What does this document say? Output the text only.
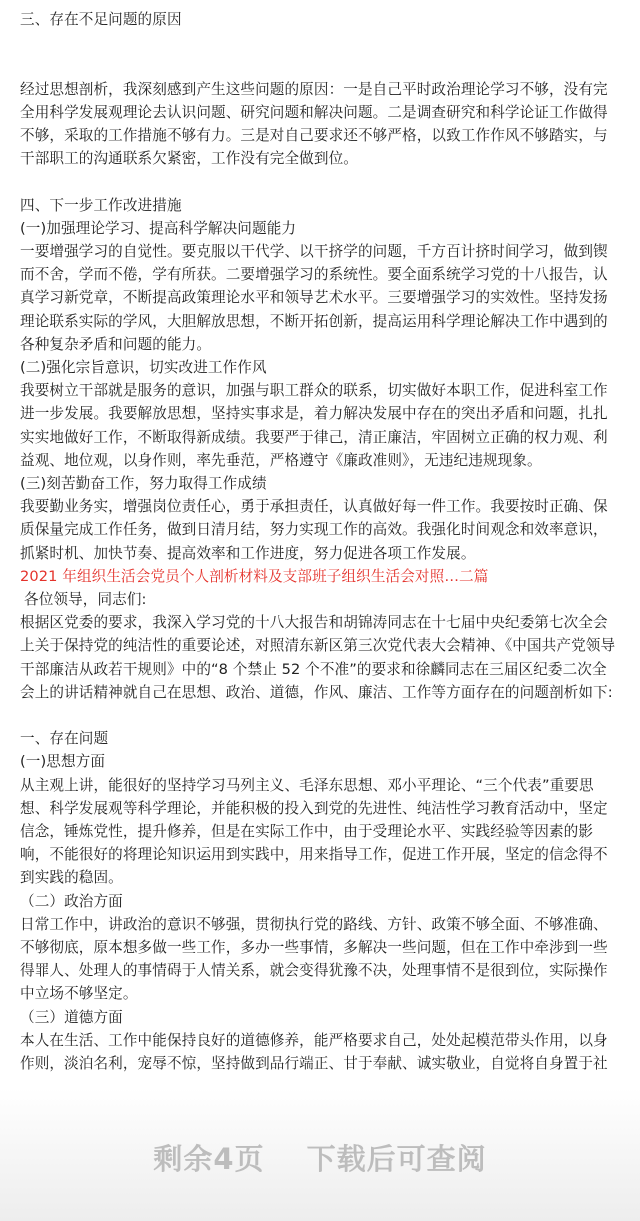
三、存在不足问题的原因

经过思想剖析，我深刻感到产生这些问题的原因：一是自己平时政治理论学习不够，没有完全用科学发展观理论去认识问题、研究问题和解决问题。二是调查研究和科学论证工作做得不够，采取的工作措施不够有力。三是对自己要求还不够严格，以致工作作风不够踏实，与干部职工的沟通联系欠紧密，工作没有完全做到位。

四、下一步工作改进措施

(一)加强理论学习、提高科学解决问题能力

一要增强学习的自觉性。要克服以干代学、以干挤学的问题，千方百计挤时间学习，做到锲而不舍，学而不倦，学有所获。二要增强学习的系统性。要全面系统学习党的十八报告，认真学习新党章，不断提高政策理论水平和领导艺术水平。三要增强学习的实效性。坚持发扬理论联系实际的学风，大胆解放思想，不断开拓创新，提高运用科学理论解决工作中遇到的各种复杂矛盾和问题的能力。

(二)强化宗旨意识，切实改进工作作风

我要树立干部就是服务的意识，加强与职工群众的联系，切实做好本职工作，促进科室工作进一步发展。我要解放思想，坚持实事求是，着力解决发展中存在的突出矛盾和问题，扎扎实实地做好工作，不断取得新成绩。我要严于律己，清正廉洁，牢固树立正确的权力观、利益观、地位观，以身作则，率先垂范，严格遵守《廉政准则》，无违纪违规现象。

(三)刻苦勤奋工作，努力取得工作成绩

我要勤业务实，增强岗位责任心，勇于承担责任，认真做好每一件工作。我要按时正确、保质保量完成工作任务，做到日清月结，努力实现工作的高效。我强化时间观念和效率意识，抓紧时机、加快节奏、提高效率和工作进度，努力促进各项工作发展。

2021 年组织生活会党员个人剖析材料及支部班子组织生活会对照…二篇

各位领导，同志们:

根据区党委的要求，我深入学习党的十八大报告和胡锦涛同志在十七届中央纪委第七次全会上关于保持党的纯洁性的重要论述，对照清东新区第三次党代表大会精神、《中国共产党领导干部廉洁从政若干规则》中的“8 个禁止 52 个不准”的要求和徐麟同志在三届区纪委二次全会上的讲话精神就自己在思想、政治、道德，作风、廉洁、工作等方面存在的问题剖析如下:

一、存在问题

(一)思想方面

从主观上讲，能很好的坚持学习马列主义、毛泽东思想、邓小平理论、“三个代表”重要思想、科学发展观等科学理论，并能积极的投入到党的先进性、纯洁性学习教育活动中，坚定信念，锤炼党性，提升修养，但是在实际工作中，由于受理论水平、实践经验等因素的影响，不能很好的将理论知识运用到实践中，用来指导工作，促进工作开展，坚定的信念得不到实践的稳固。

（二）政治方面

日常工作中，讲政治的意识不够强，贯彻执行党的路线、方针、政策不够全面、不够准确、不够彻底，原本想多做一些工作，多办一些事情，多解决一些问题，但在工作中牵涉到一些得罪人、处理人的事情碍于人情关系，就会变得犹豫不决，处理事情不是很到位，实际操作中立场不够坚定。

（三）道德方面

本人在生活、工作中能保持良好的道德修养，能严格要求自己，处处起模范带头作用，以身作则，淡泊名利，宠辱不惊，坚持做到品行端正、甘于奉献、诚实敬业，自觉将自身置于社

剩余4页 下载后可查阅
